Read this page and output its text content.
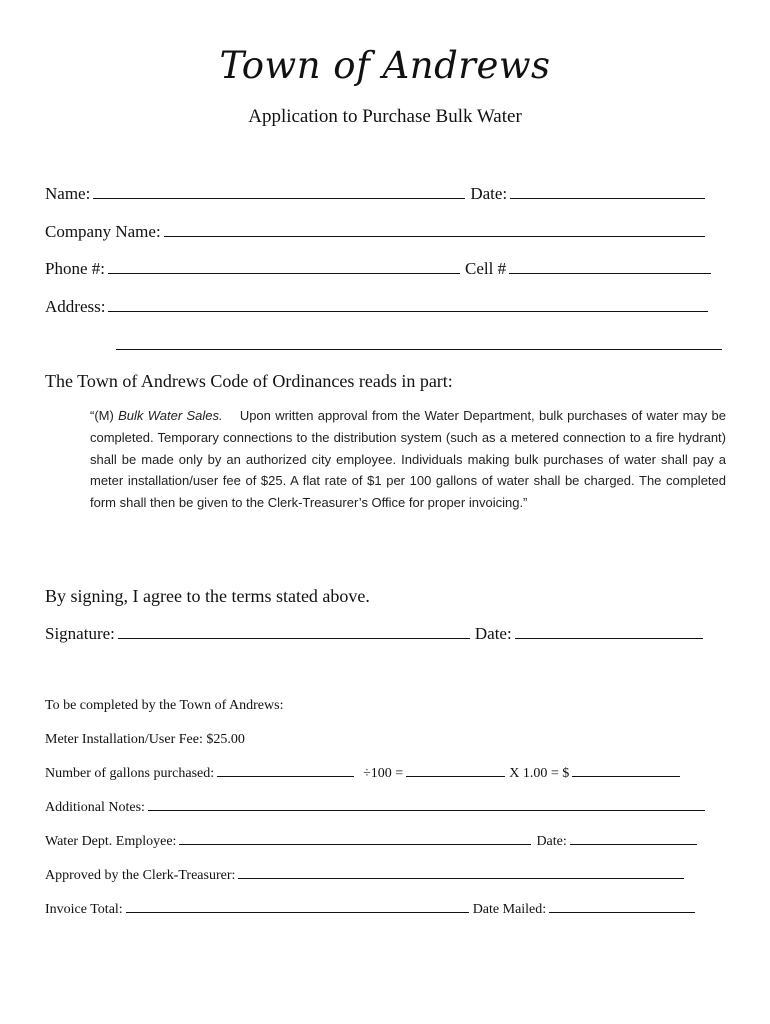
Town of Andrews
Application to Purchase Bulk Water
Name:	Date:
Company Name:
Phone #:	Cell #
Address:
The Town of Andrews Code of Ordinances reads in part:
“(M) Bulk Water Sales. Upon written approval from the Water Department, bulk purchases of water may be completed. Temporary connections to the distribution system (such as a metered connection to a fire hydrant) shall be made only by an authorized city employee. Individuals making bulk purchases of water shall pay a meter installation/user fee of $25. A flat rate of $1 per 100 gallons of water shall be charged. The completed form shall then be given to the Clerk-Treasurer’s Office for proper invoicing.”
By signing, I agree to the terms stated above.
Signature:	Date:
To be completed by the Town of Andrews:
Meter Installation/User Fee: $25.00
Number of gallons purchased:	÷100 =	X 1.00 = $
Additional Notes:
Water Dept. Employee:	Date:
Approved by the Clerk-Treasurer:
Invoice Total:	Date Mailed:
